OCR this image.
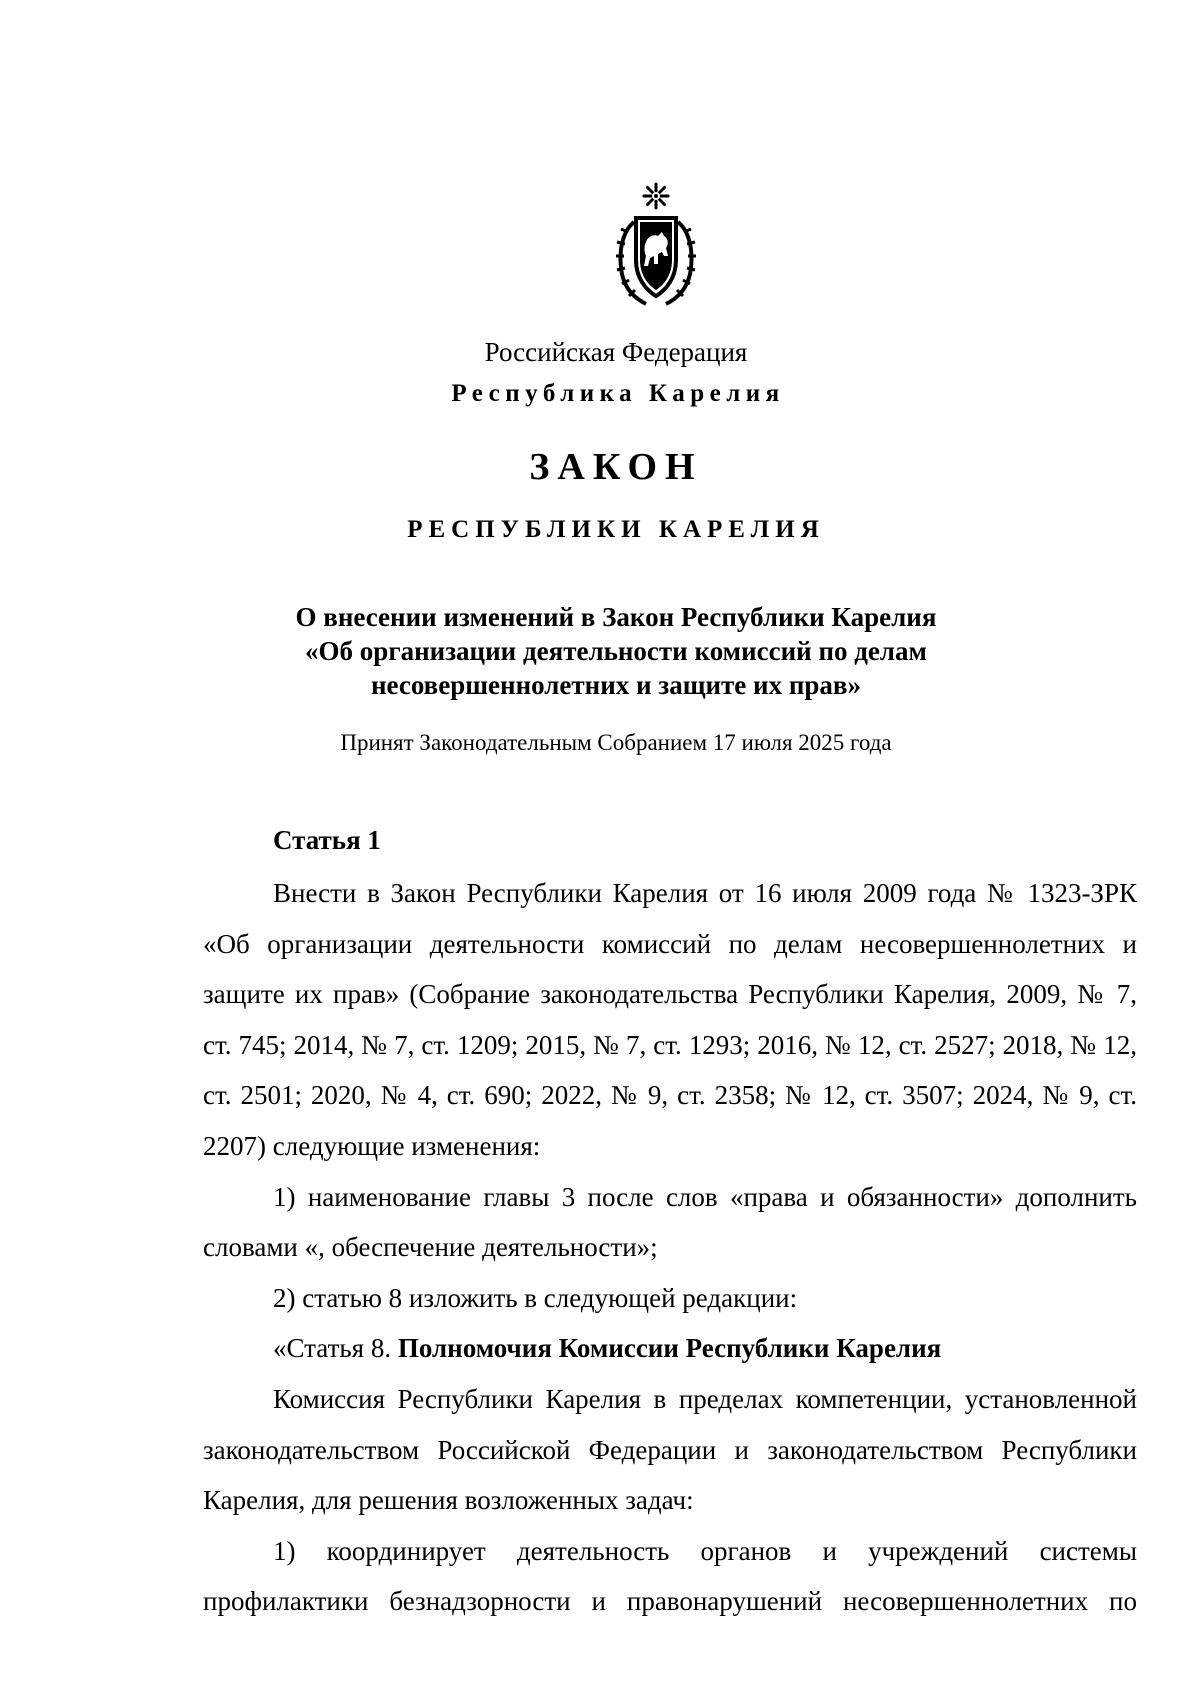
Российская Федерация
Республика Карелия
ЗАКОН
РЕСПУБЛИКИ КАРЕЛИЯ
О внесении изменений в Закон Республики Карелия
«Об организации деятельности комиссий по делам
несовершеннолетних и защите их прав»
Принят Законодательным Собранием 17 июля 2025 года
Статья 1

Внести в Закон Республики Карелия от 16 июля 2009 года № 1323-ЗРК «Об организации деятельности комиссий по делам несовершеннолетних и защите их прав» (Собрание законодательства Республики Карелия, 2009, № 7, ст. 745; 2014, № 7, ст. 1209; 2015, № 7, ст. 1293; 2016, № 12, ст. 2527; 2018, № 12, ст. 2501; 2020, № 4, ст. 690; 2022, № 9, ст. 2358; № 12, ст. 3507; 2024, № 9, ст. 2207) следующие изменения:

1) наименование главы 3 после слов «права и обязанности» дополнить словами «, обеспечение деятельности»;

2) статью 8 изложить в следующей редакции:

«Статья 8. Полномочия Комиссии Республики Карелия

Комиссия Республики Карелия в пределах компетенции, установленной законодательством Российской Федерации и законодательством Республики Карелия, для решения возложенных задач:

1) координирует деятельность органов и учреждений системы профилактики безнадзорности и правонарушений несовершеннолетних по
